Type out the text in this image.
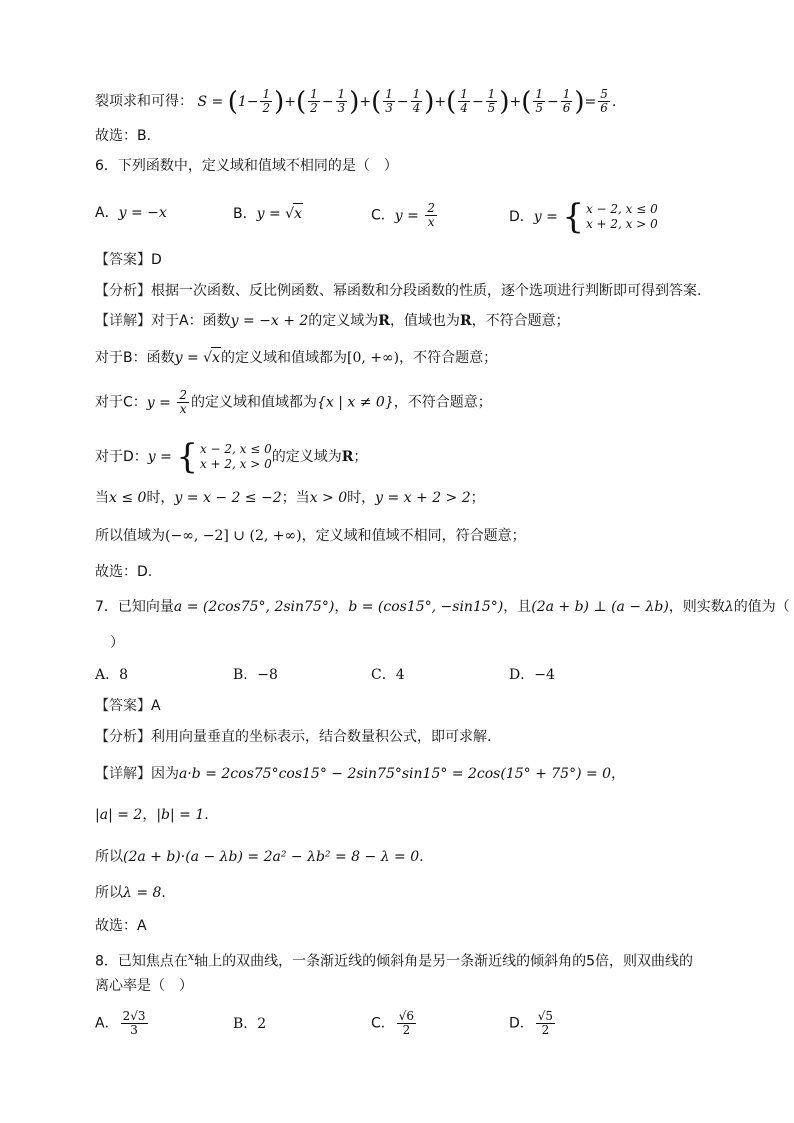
裂项求和可得： $S = (1- \frac{1}{2}$ )+( $\frac{1}{2} - \frac{1}{3}$ )+( $\frac{1}{3} - \frac{1}{4}$ )+( $\frac{1}{4} - \frac{1}{5}$ )+( $\frac{1}{5} - \frac{1}{6}$ )= $\frac{5}{6}$ .
故选：B.
6．下列函数中，定义域和值域不相同的是（　）
A．y = −x	B．y = √x	C．$y = \frac{2}{x}$	D．y = { x − 2, x ≤ 0
x + 2, x > 0
【答案】D
【分析】根据一次函数、反比例函数、幂函数和分段函数的性质，逐个选项进行判断即可得到答案.
【详解】对于A：函数y = −x + 2的定义域为R，值域也为R，不符合题意；
对于B：函数y = √x的定义域和值域都为[0, +∞)，不符合题意；
对于C：$y = \frac{2}{x}$ 的定义域和值域都为{x | x ≠ 0}，不符合题意；
对于D：y = { x − 2, x ≤ 0
x + 2, x > 0 的定义域为R；
当x ≤ 0时，y = x − 2 ≤ −2；当x > 0时，y = x + 2 > 2；
所以值域为(−∞, −2] ∪ (2, +∞)，定义域和值域不相同，符合题意；
故选：D.
7．已知向量a = (2cos75°, 2sin75°)，b = (cos15°, −sin15°)，且(2a + b) ⊥ (a − λb)，则实数λ的值为（
）
A．8	B．−8	C．4	D．−4
【答案】A
【分析】利用向量垂直的坐标表示，结合数量积公式，即可求解.
【详解】因为a·b = 2cos75°cos15° − 2sin75°sin15° = 2cos(15° + 75°) = 0，
|a| = 2，|b| = 1.
所以(2a + b)·(a − λb) = 2a² − λb² = 8 − λ = 0.
所以λ = 8.
故选：A
8．已知焦点在$^x$轴上的双曲线，一条渐近线的倾斜角是另一条渐近线的倾斜角的5倍，则双曲线的
离心率是（　）
A． $\frac{2√3}{3}$	B．2	C． $\frac{√6}{2}$	D． $\frac{√5}{2}$
